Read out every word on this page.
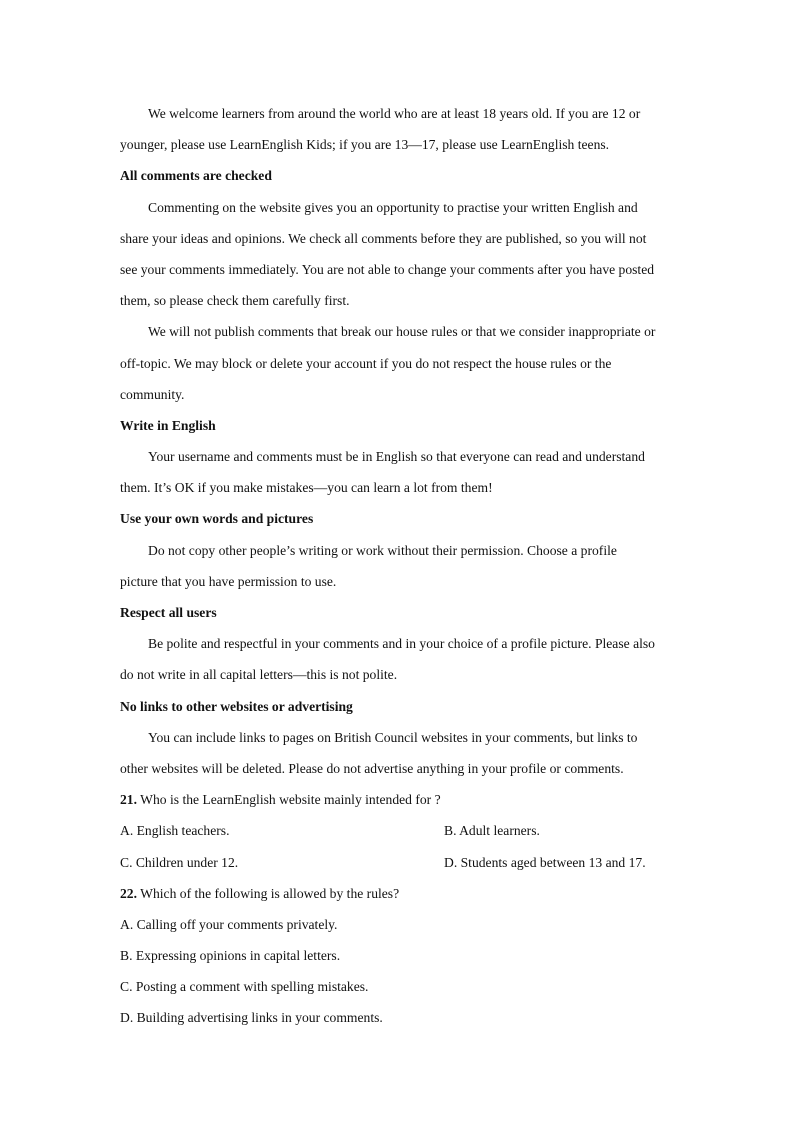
We welcome learners from around the world who are at least 18 years old. If you are 12 or
younger, please use LearnEnglish Kids; if you are 13—17, please use LearnEnglish teens.
All comments are checked
Commenting on the website gives you an opportunity to practise your written English and
share your ideas and opinions. We check all comments before they are published, so you will not
see your comments immediately. You are not able to change your comments after you have posted
them, so please check them carefully first.
We will not publish comments that break our house rules or that we consider inappropriate or
off-topic. We may block or delete your account if you do not respect the house rules or the
community.
Write in English
Your username and comments must be in English so that everyone can read and understand
them. It’s OK if you make mistakes—you can learn a lot from them!
Use your own words and pictures
Do not copy other people’s writing or work without their permission. Choose a profile
picture that you have permission to use.
Respect all users
Be polite and respectful in your comments and in your choice of a profile picture. Please also
do not write in all capital letters—this is not polite.
No links to other websites or advertising
You can include links to pages on British Council websites in your comments, but links to
other websites will be deleted. Please do not advertise anything in your profile or comments.
21. Who is the LearnEnglish website mainly intended for ?
A. English teachers.	B. Adult learners.
C. Children under 12.	D. Students aged between 13 and 17.
22. Which of the following is allowed by the rules?
A. Calling off your comments privately.
B. Expressing opinions in capital letters.
C. Posting a comment with spelling mistakes.
D. Building advertising links in your comments.
